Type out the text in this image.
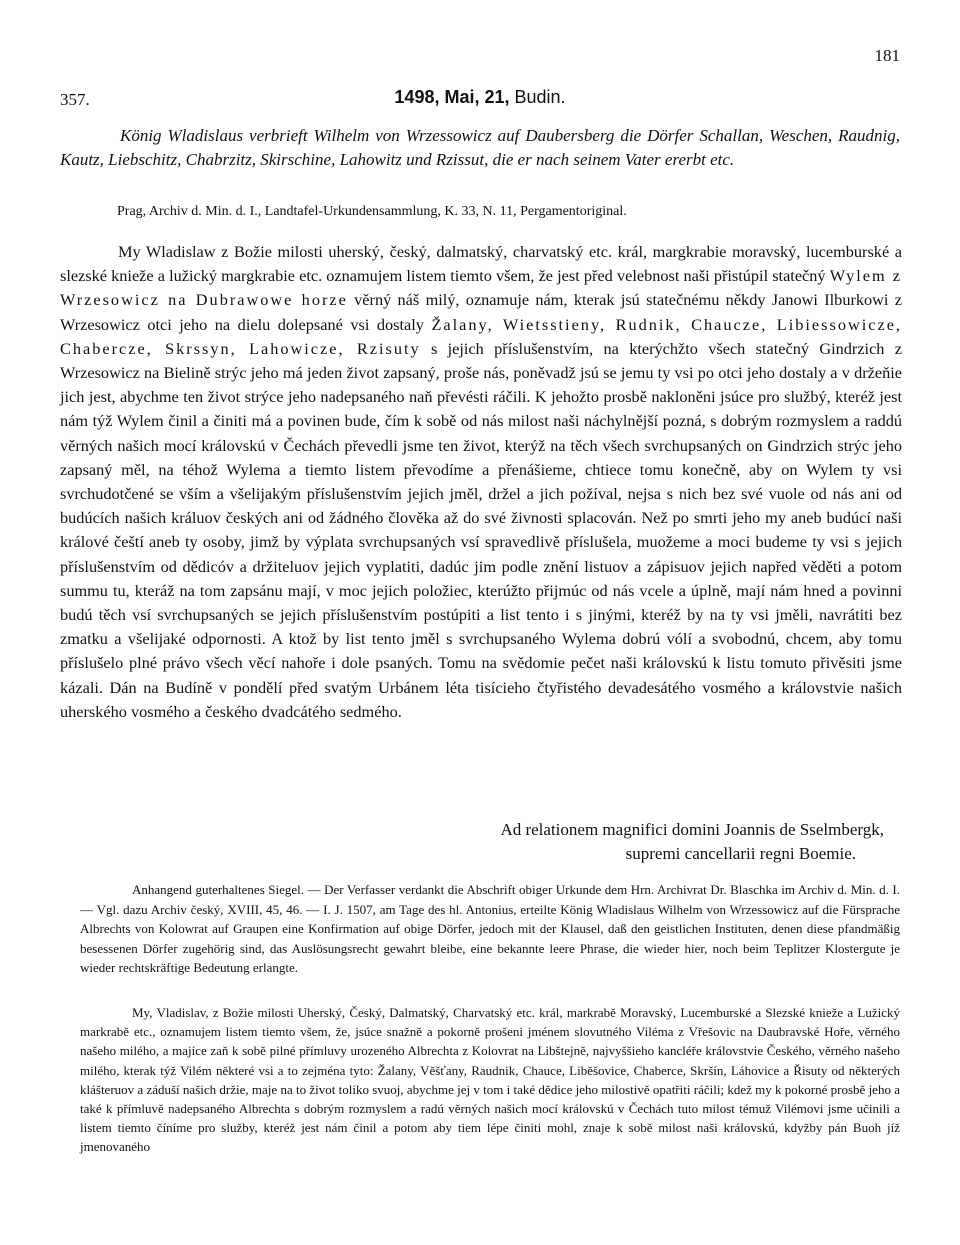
181
357.	1498, Mai, 21, Budin.

König Wladislaus verbrieft Wilhelm von Wrzessowicz auf Daubersberg die Dörfer Schallan, Weschen, Raudnig, Kautz, Liebschitz, Chabrzitz, Skirschine, Lahowitz und Rzissut, die er nach seinem Vater ererbt etc.

Prag, Archiv d. Min. d. I., Landtafel-Urkundensammlung, K. 33, N. 11, Pergamentoriginal.

My Wladislaw z Božie milosti uherský, český, dalmatský, charvatský etc. král, margkrabie moravský, lucemburské a slezské knieže a lužický margkrabie etc. oznamujem listem tiemto všem, že jest před velebnost naši přistúpil statečný Wylem z Wrzesowicz na Dubrawowe horze věrný náš milý, oznamuje nám, kterak jsú statečnému někdy Janowi Ilburkowi z Wrzesowicz otci jeho na dielu dolepsané vsi dostaly Žalany, Wietsstieny, Rudnik, Chaucze, Libiessowicze, Chabercze, Skrssyn, Lahowicze, Rzisuty s jejich příslušenstvím, na kterýchžto všech statečný Gindrzich z Wrzesowicz na Bielině strýc jeho má jeden život zapsaný, proše nás, poněvadž jsú se jemu ty vsi po otci jeho dostaly a v držeňie jich jest, abychme ten život strýce jeho nadepsaného naň převésti ráčili. K jehožto prosbě nakloněni jsúce pro službý, kteréž jest nám týž Wylem činil a činiti má a povinen bude, čím k sobě od nás milost naši náchylnější pozná, s dobrým rozmyslem a raddú věrných našich mocí královskú v Čechách převedli jsme ten život, kterýž na těch všech svrchupsaných on Gindrzich strýc jeho zapsaný měl, na téhož Wylema a tiemto listem převodíme a přenášieme, chtiece tomu konečně, aby on Wylem ty vsi svrchudotčené se vším a všelijakým příslušenstvím jejich jměl, držel a jich požíval, nejsa s nich bez své vuole od nás ani od budúcích našich králuov českých ani od žádného člověka až do své živnosti splacován. Než po smrti jeho my aneb budúcí naši králové čeští aneb ty osoby, jimž by výplata svrchupsaných vsí spravedlivě příslušela, muožeme a moci budeme ty vsi s jejich příslušenstvím od dědicóv a držiteluov jejich vyplatiti, dadúc jim podle znění listuov a zápisuov jejich napřed věděti a potom summu tu, kteráž na tom zapsánu mají, v moc jejich položiec, kterúžto přijmúc od nás vcele a úplně, mají nám hned a povinni budú těch vsí svrchupsaných se jejich příslušenstvím postúpiti a list tento i s jinými, kteréž by na ty vsi jměli, navrátiti bez zmatku a všelijaké odpornosti. A ktož by list tento jměl s svrchupsaného Wylema dobrú vólí a svobodnú, chcem, aby tomu příslušelo plné právo všech věcí nahoře i dole psaných. Tomu na svědomie pečet naši královskú k listu tomuto přivěsiti jsme kázali. Dán na Budíně v pondělí před svatým Urbánem léta tisícieho čtyřistého devadesátého vosmého a královstvie našich uherského vosmého a českého dvadcátého sedmého.

Ad relationem magnifici domini Joannis de Sselmbergk,
supremi cancellarii regni Boemie.

Anhangend guterhaltenes Siegel. — Der Verfasser verdankt die Abschrift obiger Urkunde dem Hrn. Archivrat Dr. Blaschka im Archiv d. Min. d. I. — Vgl. dazu Archiv český, XVIII, 45, 46. — I. J. 1507, am Tage des hl. Antonius, erteilte König Wladislaus Wilhelm von Wrzessowicz auf die Fürsprache Albrechts von Kolowrat auf Graupen eine Konfirmation auf obige Dörfer, jedoch mit der Klausel, daß den geistlichen Instituten, denen diese pfandmäßig besessenen Dörfer zugehörig sind, das Auslösungsrecht gewahrt bleibe, eine bekannte leere Phrase, die wieder hier, noch beim Teplitzer Klostergute je wieder rechtskräftige Bedeutung erlangte.

My, Vladislav, z Božie milosti Uherský, Český, Dalmatský, Charvatský etc. král, markrabě Moravský, Lucemburské a Slezské knieže a Lužický markrabě etc., oznamujem listem tiemto všem, že, jsúce snažně a pokorně prošeni jménem slovutného Viléma z Vřešovic na Daubravské Hoře, věrného našeho milého, a majíce zaň k sobě pilné přímluvy urozeného Albrechta z Kolovrat na Libštejně, najvyššieho kancléře královstvie Českého, věrného našeho milého, kterak týž Vilém některé vsi a to zejména tyto: Žalany, Věšťany, Raudnik, Chauce, Liběšovice, Chaberce, Skršín, Láhovice a Řisuty od některých klášteruov a záduší našich držie, maje na to život toliko svuoj, abychme jej v tom i také dědice jeho milostivě opatřiti ráčili; kdež my k pokorné prosbě jeho a také k přímluvě nadepsaného Albrechta s dobrým rozmyslem a radú věrných našich mocí královskú v Čechách tuto milost témuž Vilémovi jsme učinili a listem tiemto číníme pro služby, kteréž jest nám činil a potom aby tiem lépe činiti mohl, znaje k sobě milost naši královskú, kdyžby pán Buoh jíž jmenovaného
